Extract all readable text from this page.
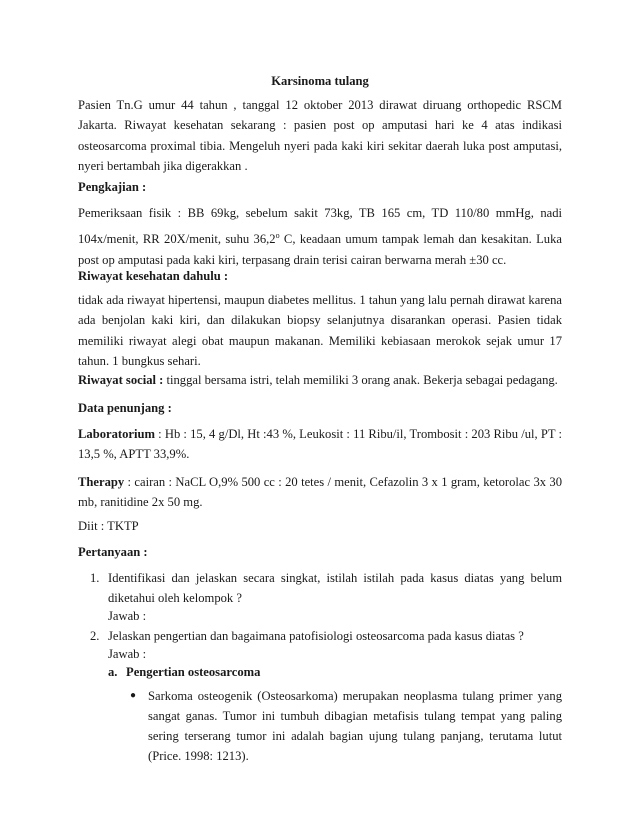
Karsinoma tulang
Pasien Tn.G umur 44 tahun , tanggal 12 oktober 2013 dirawat diruang orthopedic RSCM Jakarta. Riwayat kesehatan sekarang : pasien post op amputasi hari ke 4 atas indikasi osteosarcoma proximal tibia. Mengeluh nyeri pada kaki kiri sekitar daerah luka post amputasi, nyeri bertambah jika digerakkan .
Pengkajian :
Pemeriksaan fisik : BB 69kg, sebelum sakit 73kg, TB 165 cm, TD 110/80 mmHg, nadi 104x/menit, RR 20X/menit, suhu 36,2$^o$ C, keadaan umum tampak lemah dan kesakitan. Luka post op amputasi pada kaki kiri, terpasang drain terisi cairan berwarna merah ±30 cc.
Riwayat kesehatan dahulu :
tidak ada riwayat hipertensi, maupun diabetes mellitus. 1 tahun yang lalu pernah dirawat karena ada benjolan kaki kiri, dan dilakukan biopsy selanjutnya disarankan operasi. Pasien tidak memiliki riwayat alegi obat maupun makanan. Memiliki kebiasaan merokok sejak umur 17 tahun. 1 bungkus sehari.
Riwayat social : tinggal bersama istri, telah memiliki 3 orang anak. Bekerja sebagai pedagang.
Data penunjang :
Laboratorium : Hb : 15, 4 g/Dl, Ht :43 %, Leukosit : 11 Ribu/il, Trombosit : 203 Ribu /ul, PT : 13,5 %, APTT 33,9%.
Therapy : cairan : NaCL O,9% 500 cc : 20 tetes / menit, Cefazolin 3 x 1 gram, ketorolac 3x 30 mb, ranitidine 2x 50 mg.
Diit : TKTP
Pertanyaan :
1. Identifikasi dan jelaskan secara singkat, istilah istilah pada kasus diatas yang belum diketahui oleh kelompok ?
Jawab :
2. Jelaskan pengertian dan bagaimana patofisiologi osteosarcoma pada kasus diatas ?
Jawab :
a. Pengertian osteosarcoma
● Sarkoma osteogenik (Osteosarkoma) merupakan neoplasma tulang primer yang sangat ganas. Tumor ini tumbuh dibagian metafisis tulang tempat yang paling sering terserang tumor ini adalah bagian ujung tulang panjang, terutama lutut (Price. 1998: 1213).
